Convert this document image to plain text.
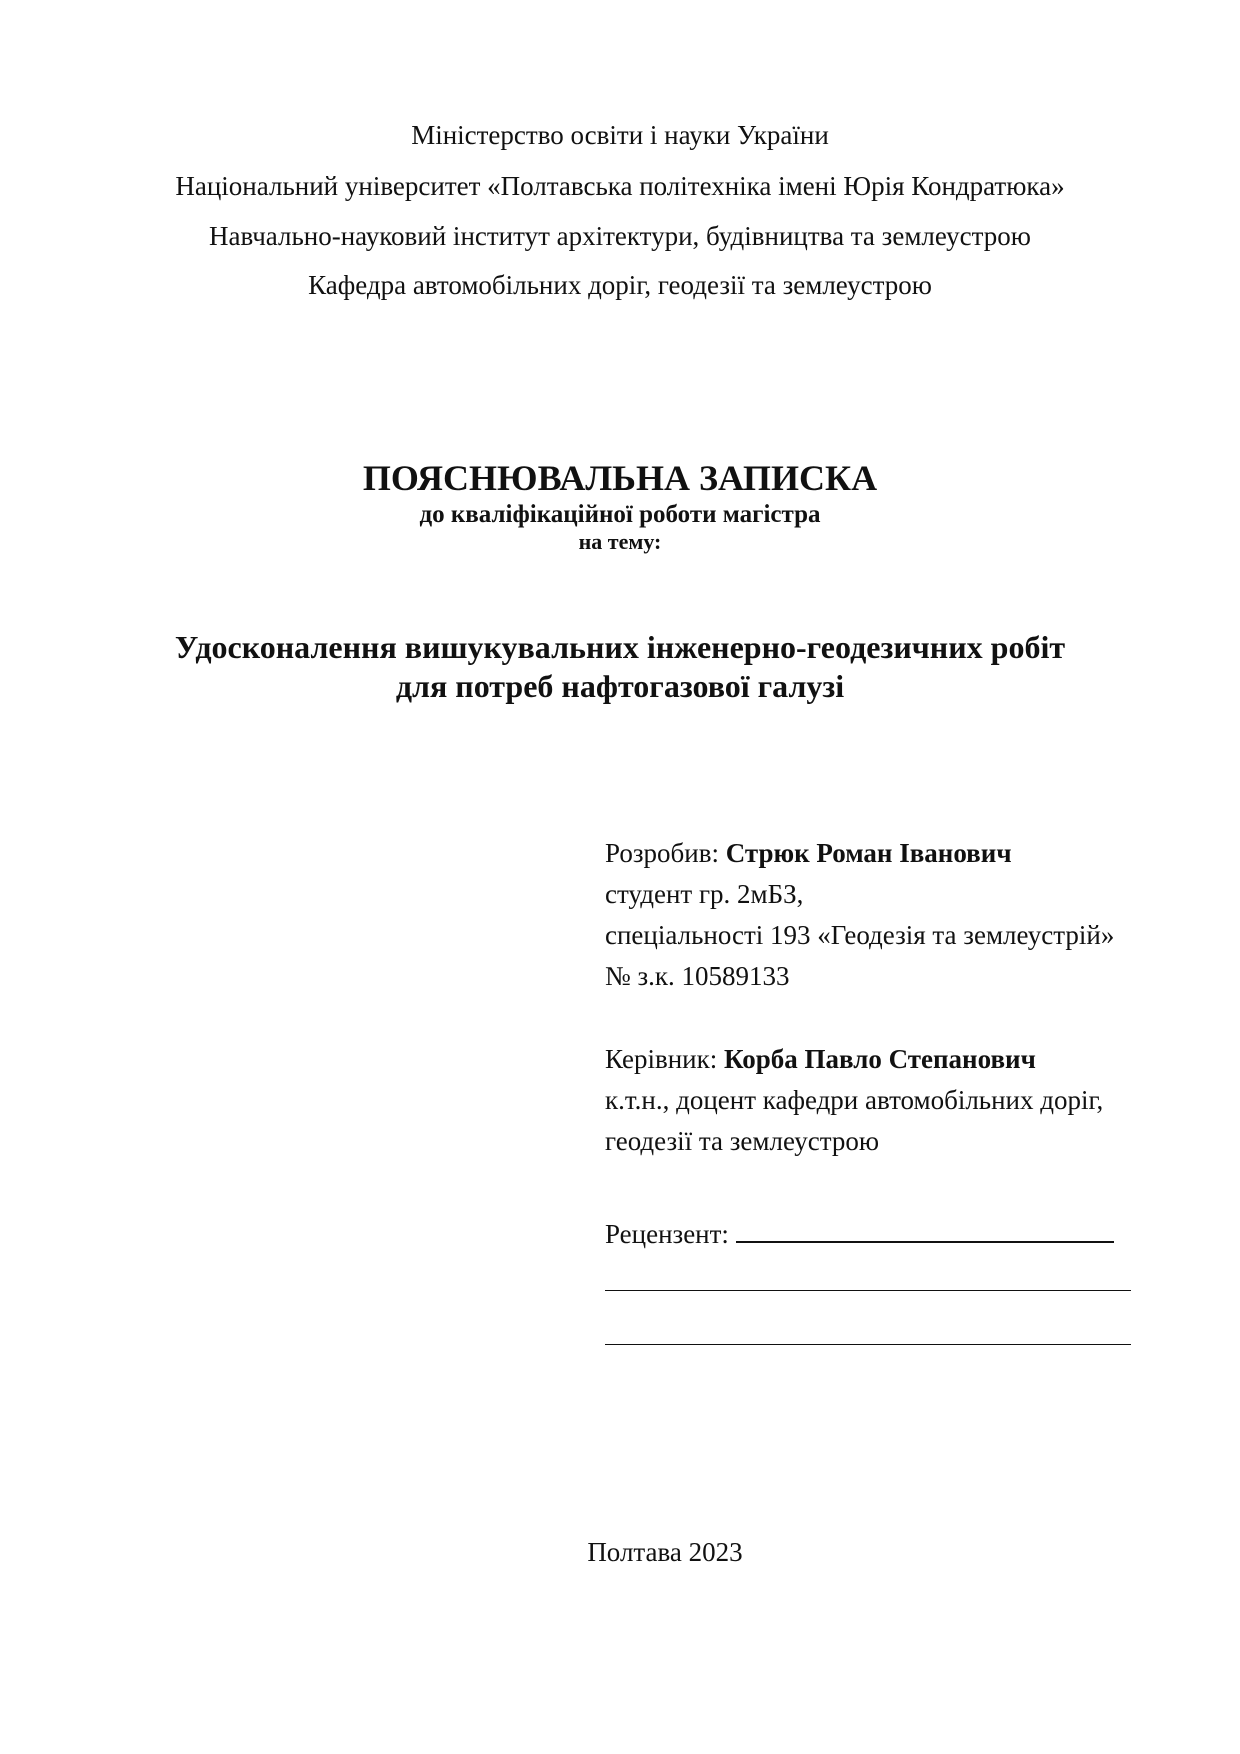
Міністерство освіти і науки України
Національний університет «Полтавська політехніка імені Юрія Кондратюка»
Навчально-науковий інститут архітектури, будівництва та землеустрою
Кафедра автомобільних доріг, геодезії та землеустрою
ПОЯСНЮВАЛЬНА ЗАПИСКА
до кваліфікаційної роботи магістра
на тему:
Удосконалення вишукувальних інженерно-геодезичних робіт
для потреб нафтогазової галузі
Розробив: Стрюк Роман Іванович
студент гр. 2мБЗ,
спеціальності 193 «Геодезія та землеустрій»
№ з.к. 10589133
Керівник: Корба Павло Степанович
к.т.н., доцент кафедри автомобільних доріг,
геодезії та землеустрою
Рецензент:
Полтава 2023
